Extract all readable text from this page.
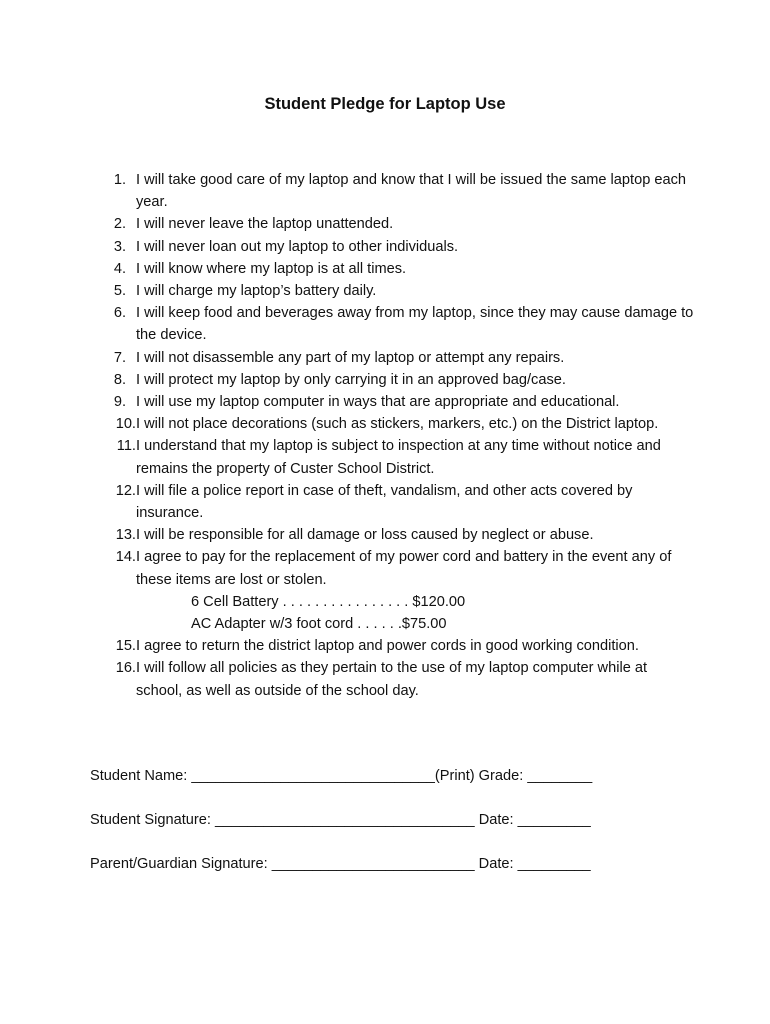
Student Pledge for Laptop Use
1. I will take good care of my laptop and know that I will be issued the same laptop each year.
2. I will never leave the laptop unattended.
3. I will never loan out my laptop to other individuals.
4. I will know where my laptop is at all times.
5. I will charge my laptop’s battery daily.
6. I will keep food and beverages away from my laptop, since they may cause damage to the device.
7. I will not disassemble any part of my laptop or attempt any repairs.
8. I will protect my laptop by only carrying it in an approved bag/case.
9. I will use my laptop computer in ways that are appropriate and educational.
10. I will not place decorations (such as stickers, markers, etc.) on the District laptop.
11. I understand that my laptop is subject to inspection at any time without notice and remains the property of Custer School District.
12. I will file a police report in case of theft, vandalism, and other acts covered by insurance.
13. I will be responsible for all damage or loss caused by neglect or abuse.
14. I agree to pay for the replacement of my power cord and battery in the event any of these items are lost or stolen.
6 Cell Battery . . . . . . . . . . . . . . . . $120.00
AC Adapter w/3 foot cord . . . . . .$75.00
15. I agree to return the district laptop and power cords in good working condition.
16. I will follow all policies as they pertain to the use of my laptop computer while at school, as well as outside of the school day.
Student Name: ______________________________(Print) Grade: ________
Student Signature: ________________________________ Date: _________
Parent/Guardian Signature: _________________________ Date: _________
